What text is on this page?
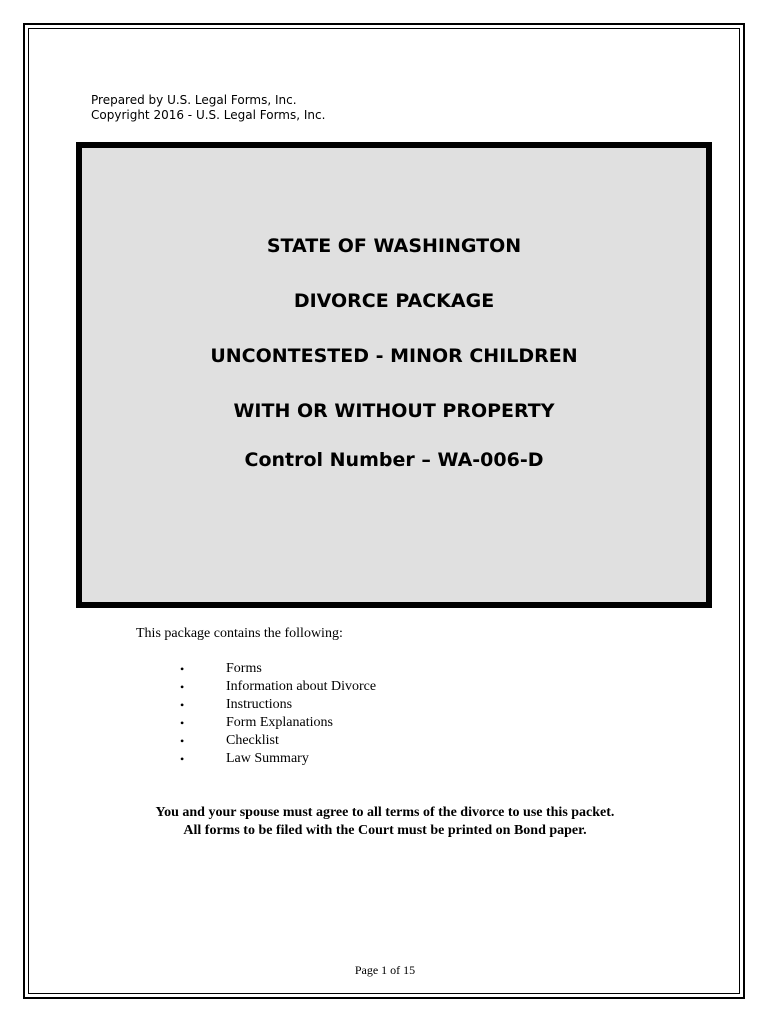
Prepared by U.S. Legal Forms, Inc.
Copyright 2016 - U.S. Legal Forms, Inc.
STATE OF WASHINGTON
DIVORCE PACKAGE
UNCONTESTED - MINOR CHILDREN
WITH OR WITHOUT PROPERTY
Control Number – WA-006-D
This package contains the following:
•	Forms
•	Information about Divorce
•	Instructions
•	Form Explanations
•	Checklist
•	Law Summary
You and your spouse must agree to all terms of the divorce to use this packet.
All forms to be filed with the Court must be printed on Bond paper.
Page 1 of 15
